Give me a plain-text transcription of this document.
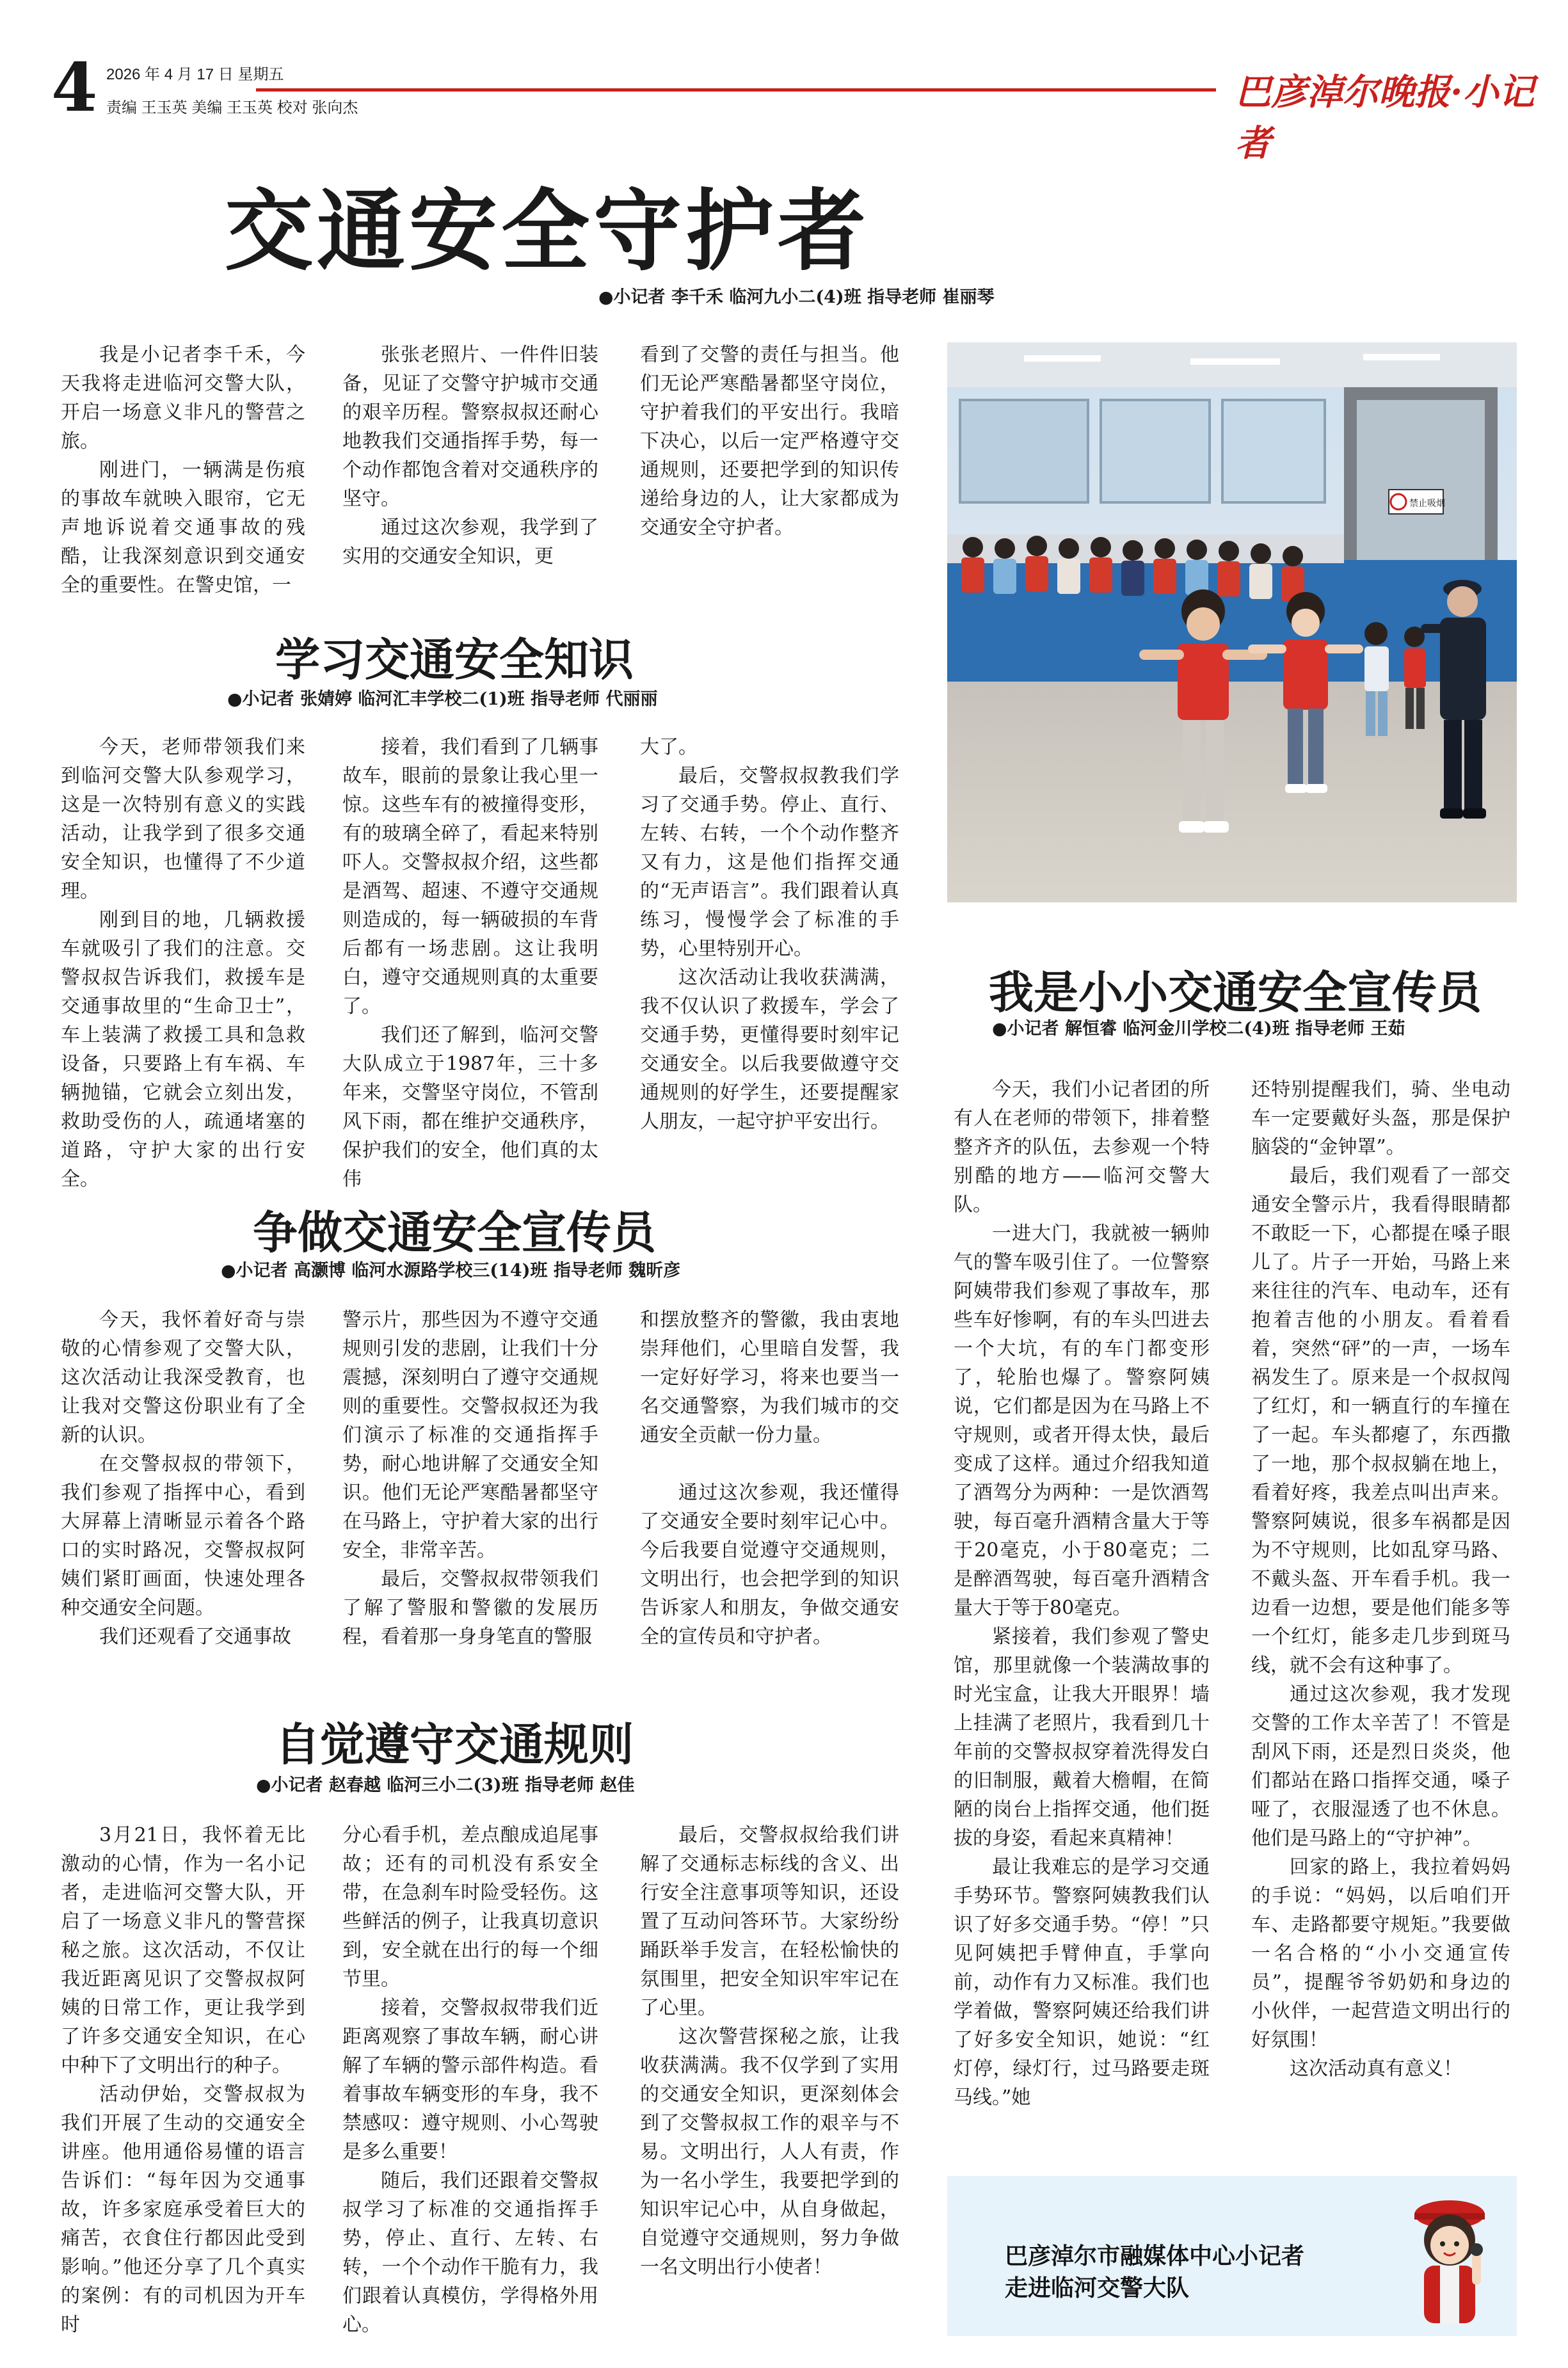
4 2026 年 4 月 17 日 星期五
责编 王玉英 美编 王玉英 校对 张向杰	巴彦淖尔晚报·小记者
交通安全守护者
●小记者 李千禾 临河九小二(4)班 指导老师 崔丽琴

我是小记者李千禾，今天我将走进临河交警大队，开启一场意义非凡的警营之旅。

刚进门，一辆满是伤痕的事故车就映入眼帘，它无声地诉说着交通事故的残酷，让我深刻意识到交通安全的重要性。在警史馆，一

张张老照片、一件件旧装备，见证了交警守护城市交通的艰辛历程。警察叔叔还耐心地教我们交通指挥手势，每一个动作都饱含着对交通秩序的坚守。

通过这次参观，我学到了实用的交通安全知识，更

看到了交警的责任与担当。他们无论严寒酷暑都坚守岗位，守护着我们的平安出行。我暗下决心，以后一定严格遵守交通规则，还要把学到的知识传递给身边的人，让大家都成为交通安全守护者。

禁止吸烟
学习交通安全知识
●小记者 张婧婷 临河汇丰学校二(1)班 指导老师 代丽丽

今天，老师带领我们来到临河交警大队参观学习，这是一次特别有意义的实践活动，让我学到了很多交通安全知识，也懂得了不少道理。

刚到目的地，几辆救援车就吸引了我们的注意。交警叔叔告诉我们，救援车是交通事故里的“生命卫士”，车上装满了救援工具和急救设备，只要路上有车祸、车辆抛锚，它就会立刻出发，救助受伤的人，疏通堵塞的道路，守护大家的出行安全。

接着，我们看到了几辆事故车，眼前的景象让我心里一惊。这些车有的被撞得变形，有的玻璃全碎了，看起来特别吓人。交警叔叔介绍，这些都是酒驾、超速、不遵守交通规则造成的，每一辆破损的车背后都有一场悲剧。这让我明白，遵守交通规则真的太重要了。

我们还了解到，临河交警大队成立于1987年，三十多年来，交警坚守岗位，不管刮风下雨，都在维护交通秩序，保护我们的安全，他们真的太伟

大了。

最后，交警叔叔教我们学习了交通手势。停止、直行、左转、右转，一个个动作整齐又有力，这是他们指挥交通的“无声语言”。我们跟着认真练习，慢慢学会了标准的手势，心里特别开心。

这次活动让我收获满满，我不仅认识了救援车，学会了交通手势，更懂得要时刻牢记交通安全。以后我要做遵守交通规则的好学生，还要提醒家人朋友，一起守护平安出行。

争做交通安全宣传员
●小记者 高灏博 临河水源路学校三(14)班 指导老师 魏昕彦

今天，我怀着好奇与崇敬的心情参观了交警大队，这次活动让我深受教育，也让我对交警这份职业有了全新的认识。

在交警叔叔的带领下，我们参观了指挥中心，看到大屏幕上清晰显示着各个路口的实时路况，交警叔叔阿姨们紧盯画面，快速处理各种交通安全问题。

我们还观看了交通事故

警示片，那些因为不遵守交通规则引发的悲剧，让我们十分震撼，深刻明白了遵守交通规则的重要性。交警叔叔还为我们演示了标准的交通指挥手势，耐心地讲解了交通安全知识。他们无论严寒酷暑都坚守在马路上，守护着大家的出行安全，非常辛苦。

最后，交警叔叔带领我们了解了警服和警徽的发展历程，看着那一身身笔直的警服

和摆放整齐的警徽，我由衷地崇拜他们，心里暗自发誓，我一定好好学习，将来也要当一名交通警察，为我们城市的交通安全贡献一份力量。

通过这次参观，我还懂得了交通安全要时刻牢记心中。今后我要自觉遵守交通规则，文明出行，也会把学到的知识告诉家人和朋友，争做交通安全的宣传员和守护者。

自觉遵守交通规则
●小记者 赵春越 临河三小二(3)班 指导老师 赵佳

3月21日，我怀着无比激动的心情，作为一名小记者，走进临河交警大队，开启了一场意义非凡的警营探秘之旅。这次活动，不仅让我近距离见识了交警叔叔阿姨的日常工作，更让我学到了许多交通安全知识，在心中种下了文明出行的种子。

活动伊始，交警叔叔为我们开展了生动的交通安全讲座。他用通俗易懂的语言告诉们：“每年因为交通事故，许多家庭承受着巨大的痛苦，衣食住行都因此受到影响。”他还分享了几个真实的案例：有的司机因为开车时

分心看手机，差点酿成追尾事故；还有的司机没有系安全带，在急刹车时险受轻伤。这些鲜活的例子，让我真切意识到，安全就在出行的每一个细节里。

接着，交警叔叔带我们近距离观察了事故车辆，耐心讲解了车辆的警示部件构造。看着事故车辆变形的车身，我不禁感叹：遵守规则、小心驾驶是多么重要！

随后，我们还跟着交警叔叔学习了标准的交通指挥手势，停止、直行、左转、右转，一个个动作干脆有力，我们跟着认真模仿，学得格外用心。

最后，交警叔叔给我们讲解了交通标志标线的含义、出行安全注意事项等知识，还设置了互动问答环节。大家纷纷踊跃举手发言，在轻松愉快的氛围里，把安全知识牢牢记在了心里。

这次警营探秘之旅，让我收获满满。我不仅学到了实用的交通安全知识，更深刻体会到了交警叔叔工作的艰辛与不易。文明出行，人人有责，作为一名小学生，我要把学到的知识牢记心中，从自身做起，自觉遵守交通规则，努力争做一名文明出行小使者！

我是小小交通安全宣传员
●小记者 解恒睿 临河金川学校二(4)班 指导老师 王茹

今天，我们小记者团的所有人在老师的带领下，排着整整齐齐的队伍，去参观一个特别酷的地方——临河交警大队。

一进大门，我就被一辆帅气的警车吸引住了。一位警察阿姨带我们参观了事故车，那些车好惨啊，有的车头凹进去一个大坑，有的车门都变形了，轮胎也爆了。警察阿姨说，它们都是因为在马路上不守规则，或者开得太快，最后变成了这样。通过介绍我知道了酒驾分为两种：一是饮酒驾驶，每百毫升酒精含量大于等于20毫克，小于80毫克；二是醉酒驾驶，每百毫升酒精含量大于等于80毫克。

紧接着，我们参观了警史馆，那里就像一个装满故事的时光宝盒，让我大开眼界！墙上挂满了老照片，我看到几十年前的交警叔叔穿着洗得发白的旧制服，戴着大檐帽，在简陋的岗台上指挥交通，他们挺拔的身姿，看起来真精神！

最让我难忘的是学习交通手势环节。警察阿姨教我们认识了好多交通手势。“停！”只见阿姨把手臂伸直，手掌向前，动作有力又标准。我们也学着做，警察阿姨还给我们讲了好多安全知识，她说：“红灯停，绿灯行，过马路要走斑马线。”她

还特别提醒我们，骑、坐电动车一定要戴好头盔，那是保护脑袋的“金钟罩”。

最后，我们观看了一部交通安全警示片，我看得眼睛都不敢眨一下，心都提在嗓子眼儿了。片子一开始，马路上来来往往的汽车、电动车，还有抱着吉他的小朋友。看着看着，突然“砰”的一声，一场车祸发生了。原来是一个叔叔闯了红灯，和一辆直行的车撞在了一起。车头都瘪了，东西撒了一地，那个叔叔躺在地上，看着好疼，我差点叫出声来。警察阿姨说，很多车祸都是因为不守规则，比如乱穿马路、不戴头盔、开车看手机。我一边看一边想，要是他们能多等一个红灯，能多走几步到斑马线，就不会有这种事了。

通过这次参观，我才发现交警的工作太辛苦了！不管是刮风下雨，还是烈日炎炎，他们都站在路口指挥交通，嗓子哑了，衣服湿透了也不休息。他们是马路上的“守护神”。

回家的路上，我拉着妈妈的手说：“妈妈，以后咱们开车、走路都要守规矩。”我要做一名合格的“小小交通宣传员”，提醒爷爷奶奶和身边的小伙伴，一起营造文明出行的好氛围！

这次活动真有意义！

巴彦淖尔市融媒体中心小记者
走进临河交警大队
